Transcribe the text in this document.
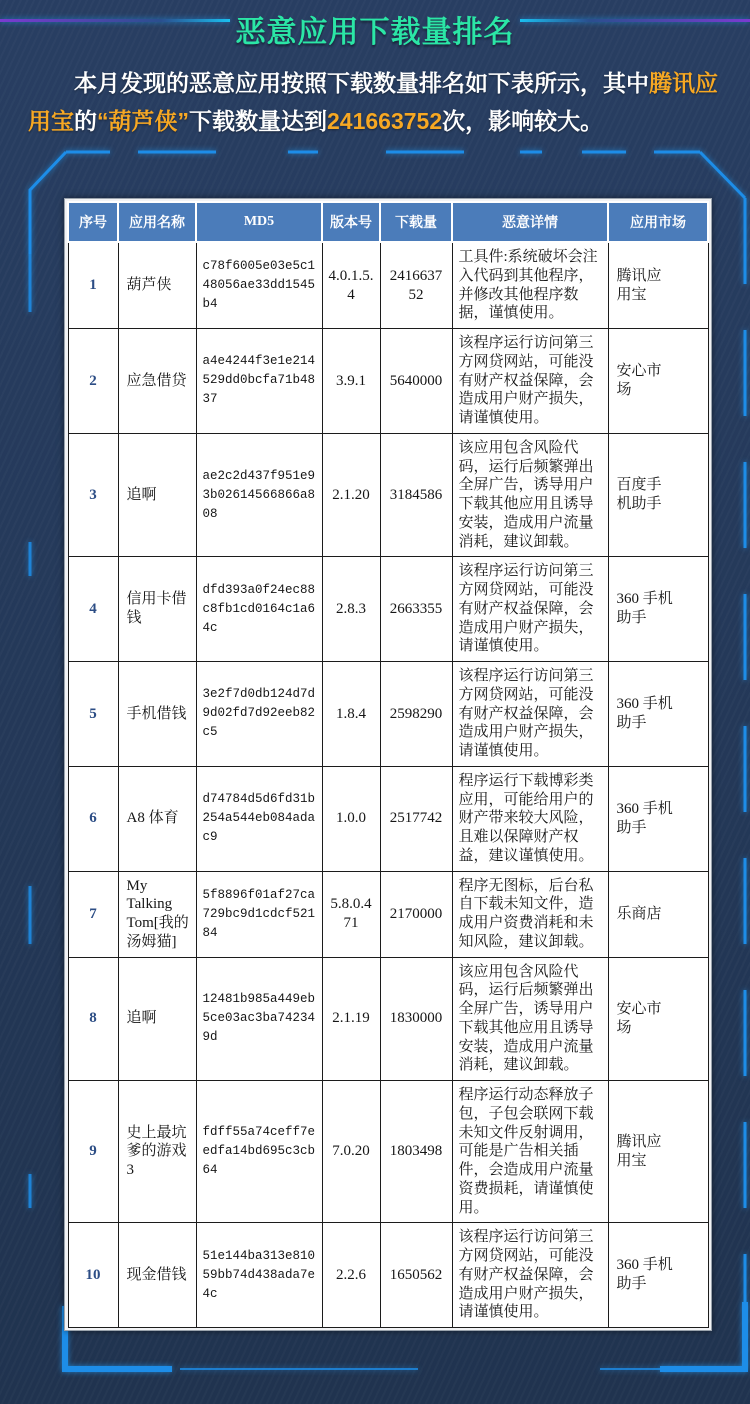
恶意应用下载量排名

本月发现的恶意应用按照下载数量排名如下表所示，其中腾讯应用宝的“葫芦侠”下载数量达到241663752次，影响较大。

序号	应用名称	MD5	版本号	下载量	恶意详情	应用市场
1	葫芦侠	c78f6005e03e5c148056ae33dd1545b4	4.0.1.5.4	241663752	工具件:系统破坏会注入代码到其他程序，并修改其他程序数据，谨慎使用。	腾讯应用宝
2	应急借贷	a4e4244f3e1e214529dd0bcfa71b4837	3.9.1	5640000	该程序运行访问第三方网贷网站，可能没有财产权益保障，会造成用户财产损失，请谨慎使用。	安心市场
3	追啊	ae2c2d437f951e93b02614566866a808	2.1.20	3184586	该应用包含风险代码，运行后频繁弹出全屏广告，诱导用户下载其他应用且诱导安装，造成用户流量消耗，建议卸载。	百度手机助手
4	信用卡借钱	dfd393a0f24ec88c8fb1cd0164c1a64c	2.8.3	2663355	该程序运行访问第三方网贷网站，可能没有财产权益保障，会造成用户财产损失，请谨慎使用。	360 手机助手
5	手机借钱	3e2f7d0db124d7d9d02fd7d92eeb82c5	1.8.4	2598290	该程序运行访问第三方网贷网站，可能没有财产权益保障，会造成用户财产损失，请谨慎使用。	360 手机助手
6	A8 体育	d74784d5d6fd31b254a544eb084adac9	1.0.0	2517742	程序运行下载博彩类应用，可能给用户的财产带来较大风险，且难以保障财产权益，建议谨慎使用。	360 手机助手
7	My Talking Tom[我的汤姆猫]	5f8896f01af27ca729bc9d1cdcf52184	5.8.0.471	2170000	程序无图标，后台私自下载未知文件，造成用户资费消耗和未知风险，建议卸载。	乐商店
8	追啊	12481b985a449eb5ce03ac3ba742349d	2.1.19	1830000	该应用包含风险代码，运行后频繁弹出全屏广告，诱导用户下载其他应用且诱导安装，造成用户流量消耗，建议卸载。	安心市场
9	史上最坑爹的游戏3	fdff55a74ceff7eedfa14bd695c3cb64	7.0.20	1803498	程序运行动态释放子包，子包会联网下载未知文件反射调用，可能是广告相关插件，会造成用户流量资费损耗，请谨慎使用。	腾讯应用宝
10	现金借钱	51e144ba313e81059bb74d438ada7e4c	2.2.6	1650562	该程序运行访问第三方网贷网站，可能没有财产权益保障，会造成用户财产损失，请谨慎使用。	360 手机助手
